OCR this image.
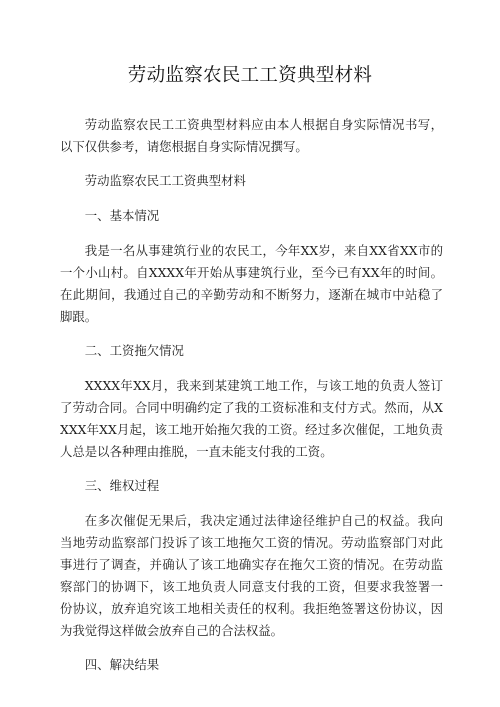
劳动监察农民工工资典型材料

劳动监察农民工工资典型材料应由本人根据自身实际情况书写，以下仅供参考，请您根据自身实际情况撰写。

劳动监察农民工工资典型材料

一、基本情况

我是一名从事建筑行业的农民工，今年XX岁，来自XX省XX市的一个小山村。自XXXX年开始从事建筑行业，至今已有XX年的时间。在此期间，我通过自己的辛勤劳动和不断努力，逐渐在城市中站稳了脚跟。

二、工资拖欠情况

XXXX年XX月，我来到某建筑工地工作，与该工地的负责人签订了劳动合同。合同中明确约定了我的工资标准和支付方式。然而，从XXXX年XX月起，该工地开始拖欠我的工资。经过多次催促，工地负责人总是以各种理由推脱，一直未能支付我的工资。

三、维权过程

在多次催促无果后，我决定通过法律途径维护自己的权益。我向当地劳动监察部门投诉了该工地拖欠工资的情况。劳动监察部门对此事进行了调查，并确认了该工地确实存在拖欠工资的情况。在劳动监察部门的协调下，该工地负责人同意支付我的工资，但要求我签署一份协议，放弃追究该工地相关责任的权利。我拒绝签署这份协议，因为我觉得这样做会放弃自己的合法权益。

四、解决结果
